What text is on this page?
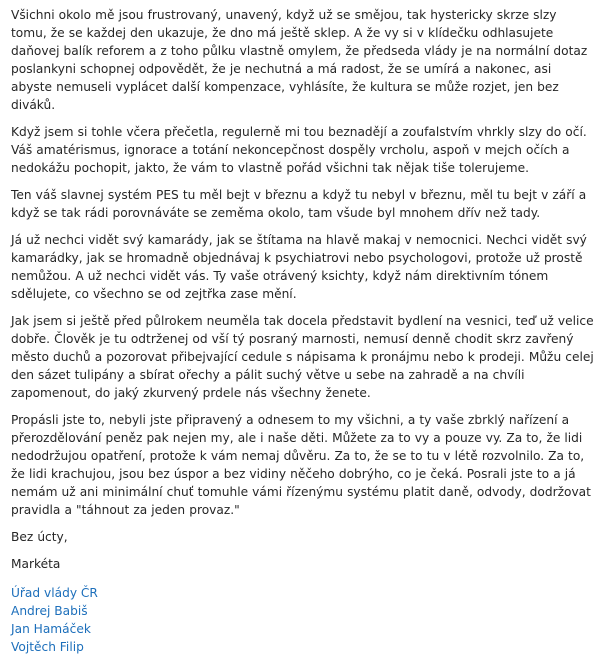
Všichni okolo mě jsou frustrovaný, unavený, když už se smějou, tak hystericky skrze slzy tomu, že se každej den ukazuje, že dno má ještě sklep. A že vy si v klídečku odhlasujete daňovej balík reforem a z toho půlku vlastně omylem, že předseda vlády je na normální dotaz poslankyni schopnej odpovědět, že je nechutná a má radost, že se umírá a nakonec, asi abyste nemuseli vyplácet další kompenzace, vyhlásíte, že kultura se může rozjet, jen bez diváků.

Když jsem si tohle včera přečetla, regulerně mi tou beznadějí a zoufalstvím vhrkly slzy do očí. Váš amatérismus, ignorace a totání nekoncepčnost dospěly vrcholu, aspoň v mejch očích a nedokážu pochopit, jakto, že vám to vlastně pořád všichni tak nějak tiše tolerujeme.

Ten váš slavnej systém PES tu měl bejt v březnu a když tu nebyl v březnu, měl tu bejt v září a když se tak rádi porovnáváte se zeměma okolo, tam všude byl mnohem dřív než tady.

Já už nechci vidět svý kamarády, jak se štítama na hlavě makaj v nemocnici. Nechci vidět svý kamarádky, jak se hromadně objednávaj k psychiatrovi nebo psychologovi, protože už prostě nemůžou. A už nechci vidět vás. Ty vaše otrávený ksichty, když nám direktivním tónem sdělujete, co všechno se od zejtřka zase mění.

Jak jsem si ještě před půlrokem neuměla tak docela představit bydlení na vesnici, teď už velice dobře. Člověk je tu odtrženej od vší tý posraný marnosti, nemusí denně chodit skrz zavřený město duchů a pozorovat přibejvající cedule s nápisama k pronájmu nebo k prodeji. Můžu celej den sázet tulipány a sbírat ořechy a pálit suchý větve u sebe na zahradě a na chvíli zapomenout, do jaký zkurvený prdele nás všechny ženete.

Propásli jste to, nebyli jste připravený a odnesem to my všichni, a ty vaše zbrklý nařízení a přerozdělování peněz pak nejen my, ale i naše děti. Můžete za to vy a pouze vy. Za to, že lidi nedodržujou opatření, protože k vám nemaj důvěru. Za to, že se to tu v létě rozvolnilo. Za to, že lidi krachujou, jsou bez úspor a bez vidiny něčeho dobrýho, co je čeká. Posrali jste to a já nemám už ani minimální chuť tomuhle vámi řízenýmu systému platit daně, odvody, dodržovat pravidla a "táhnout za jeden provaz."

Bez úcty,

Markéta

Úřad vlády ČR
Andrej Babiš
Jan Hamáček
Vojtěch Filip
